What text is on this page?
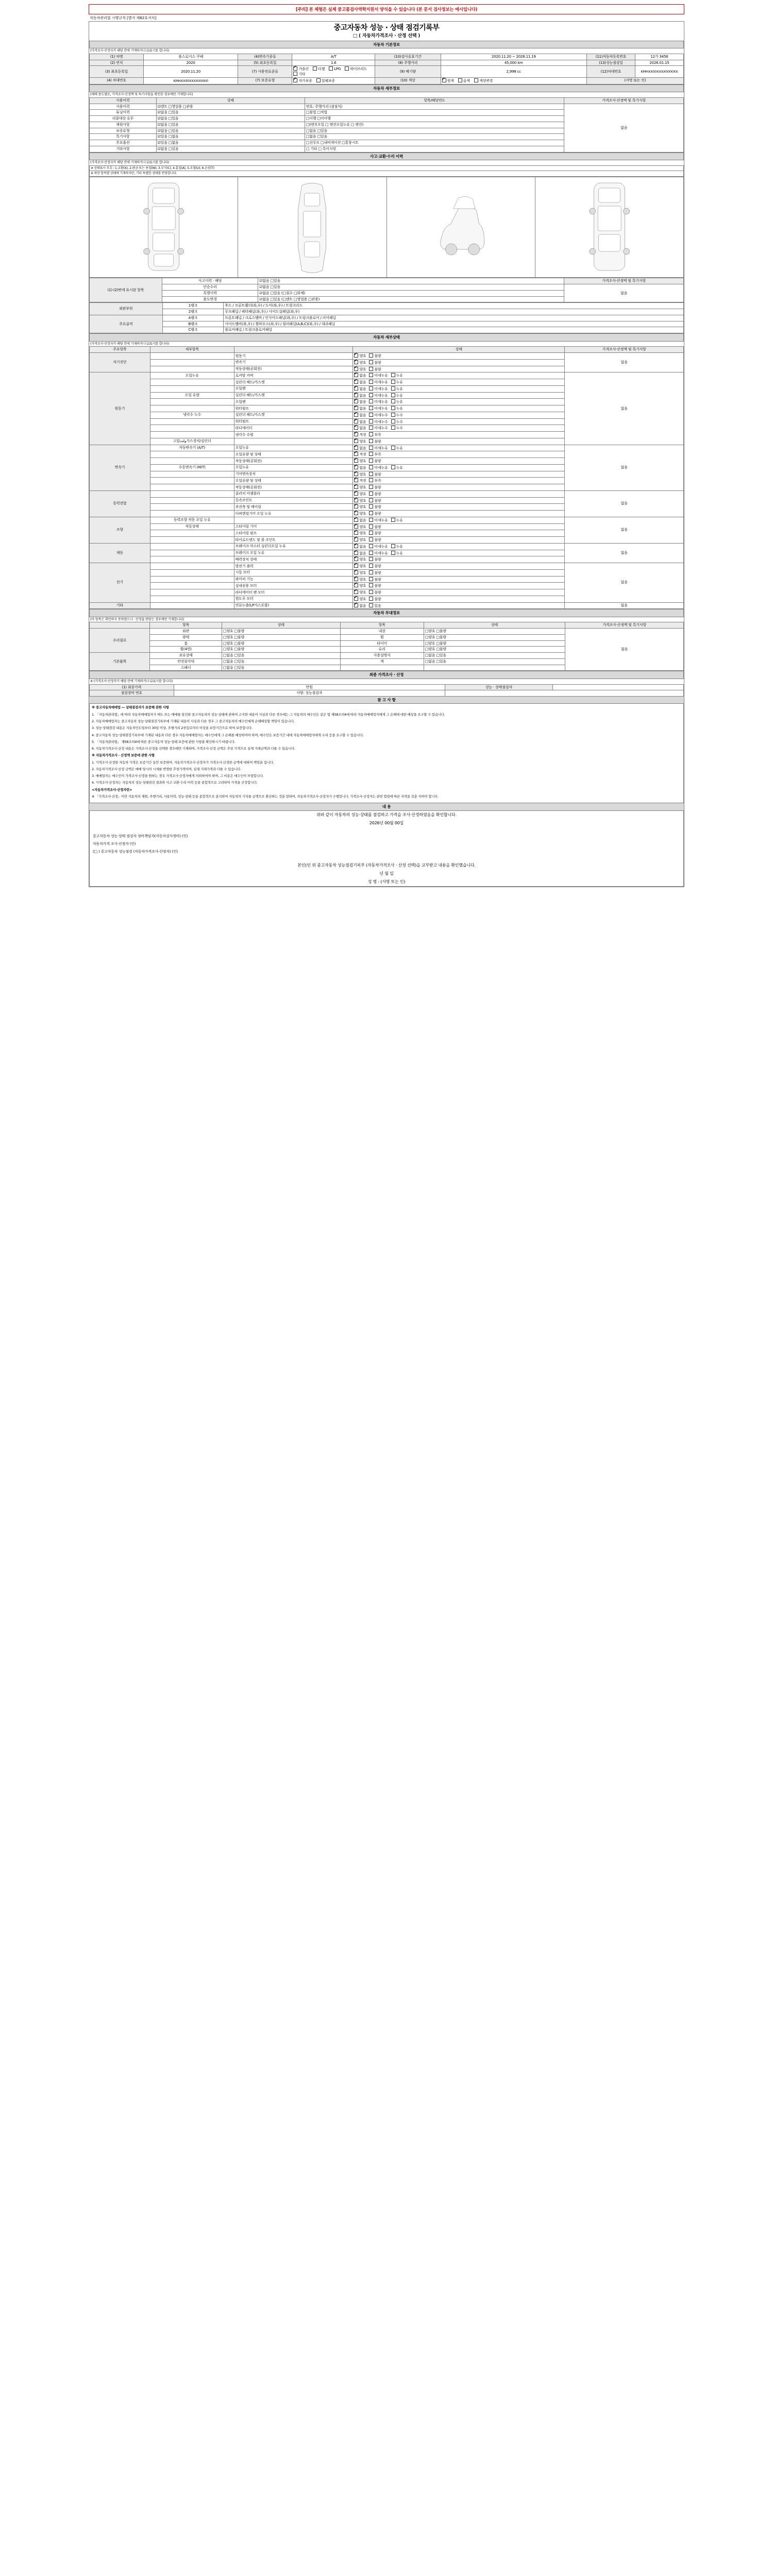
[주의] 본 체험은 실제 중고품검사역학지원서 양식을 수 있습니다 (본 문서 검사정보는 예시입니다)
자동차관리법 시행규칙 [별지 제82호서식]
중고자동차 성능 · 상태 점검기록부
□ ( 자동차가격조사 · 산정 선택 )
자동차 기본정보
(가격조사·산정자가 해당 칸에 기재하거나 ☑표시를 합니다)
(1) 차명	롤스로이스 쿠페	(4)변속기종류	A/T	(10)검사유효기간	2020.11.20 ~ 2026.11.19	(11)자동차등록번호	12가 3456
(2) 연식	2020	(5) 최초등록일	1.6	(8) 주행거리	45,000 km	(13)성능점검일	2026.01.15
(3) 최초등록일	2020.11.20	(7) 사용연료종류	✔가솔린	디젤	LPG	하이브리드 기타	(9) 배기량	2,998 cc	(12)차대번호	KMHXX00XXXX0000XX
(4) 차대번호	KMHXX00XXXX00000	(7) 보증유형	✔자가보증	업체보증	(10) 색상	✔원색	올색	색상변경	(서명 또는 인)
자동차 세부정보
(매매 용도별로, 가격조사·산정액 및 특기사항을 확인한 경우에만 기재합니다)
사용이력	상태	항목/해당연도	가격조사·산정액 및 특기사항
사용이력	☑렌트 □영업용 □관용	번호: 주행거리 (점점식)	없음
튜닝이력	☑없음 □있음	□불법 □적법
리콜대상 유무	☑없음 □있음	□이행 □미이행
제원사항	☑없음 □있음	□(엔진오일 □ 엔진오일누유 □ 엔진)
보증유형	☑없음 □있음	□없음 □있음
특기사항	☑있음 □없음	□없음 □있음
주요옵션	☑있음 □없음	□선루프 □내비게이션 □통풍시트
기타사항	☑없음 □있음	□ 기타 □ 특이사항
사고·교환·수리 이력
(가격조사·산정자가 해당 칸에 기재하거나 ☑표시를 합니다)
※ 상태표시 부호 : 1.교환(X), 2.판금 또는 용접(W), 3.부식(C), 4.흠집(A), 5.요철(U), 6.손상(T)
※ 하단 항목별 상태에 기재하지만, 기타 특별한 상태를 반영합니다.

(1)·(2)번에 표시된 항목	사고이력 · 해당	☑없음 □있음	가격조사·산정액 및 특기사항
단순수리	☑없음 □있음	없음
특별이력	☑없음 □있음 (□침수 □화재)
용도변경	☑없음 □있음 (□렌트 □영업용 □관용)
외판부위	1랭크	후드 / 프론트휀더(좌,우) / 도어(좌,우) / 트렁크리드
2랭크	루프패널 / 쿼터패널(좌,우) / 사이드실패널(좌,우)
주요골격	A랭크	프론트패널 / 크로스멤버 / 인사이드패널(좌,우) / 트렁크플로어 / 리어패널
B랭크	사이드멤버(좌,우) / 휠하우스(좌,우) / 필러패널(A,B,C)(좌,우) / 대쉬패널
C랭크	플로어패널 / 트렁크플로어패널
자동차 세부상태
(가격조사·산정자가 해당 칸에 기재하거나 ☑표시를 합니다)
주요항목	세부항목		상태	가격조사·산정액 및 특기사항
자기진단		원동기	✔양호 불량	없음
	변속기	✔양호 불량
	작동상태(공회전)	✔양호 불량
원동기	오일누유	로커암 커버	✔없음 미세누유 누유	없음
	실린더 헤드/가스켓	✔없음 미세누유 누유
	오일팬	✔없음 미세누유 누유
오일 유량	실린더 헤드/가스켓	✔없음 미세누유 누유
	오일팬	✔없음 미세누유 누유
	워터펌프	✔없음 미세누유 누유
냉각수 누수	실린더 헤드/가스켓	✔없음 미세누수 누수
	워터펌프	✔없음 미세누수 누수
	라디에이터	✔없음 미세누수 누수
	냉각수 수량	✔적정 부족
고압ولت가스장치/실린더		✔양호 불량
변속기	자동변속기 (A/T)	오일누유	✔없음 미세누유 누유	없음
	오일유량 및 상태	✔적정 부족
	작동상태(공회전)	✔양호 불량
수동변속기 (M/T)	오일누유	✔없음 미세누유 누유
	기어변속장치	✔양호 불량
	오일유량 및 상태	✔적정 부족
	작동상태(공회전)	✔양호 불량
동력전달		클러치 어셈블리	✔양호 불량	없음
	등속조인트	✔양호 불량
	추진축 및 베어링	✔양호 불량
	디퍼렌셜기어 오일 누유	✔양호 불량
조향	동력조향 작동 오일 누유		✔없음 미세누유 누유	없음
작동상태	스티어링 기어	✔양호 불량
	스티어링 펌프	✔양호 불량
	타이로드엔드 및 볼 조인트	✔양호 불량
제동		브레이크 마스터 실린더오일 누유	✔없음 미세누유 누유	없음
	브레이크 오일 누유	✔없음 미세누유 누유
	배력장치 상태	✔양호 불량
전기		발전기 출력	✔양호 불량	없음
	시동 모터	✔양호 불량
	와이퍼 기능	✔양호 불량
	실내송풍 모터	✔양호 불량
	라디에이터 팬 모터	✔양호 불량
	윈도우 모터	✔양호 불량
기타		연료누출(LP가스포함)	✔없음 있음	없음
자동차 부대정보
(아 항목은 확인하지 못하였으나 · 산정을 받았는 경우에만 기재합니다)
	항목	상태	항목	상태	가격조사·산정액 및 특기사항
수리필요	외관	□양호 □불량	내장	□양호 □불량	없음
광택	□양호 □불량	휠	□양호 □불량
룸	□양호 □불량	타이어	□양호 □불량
휠(4면)	□양호 □불량	유리	□양호 □불량
기본품목	보유상태	□없음 □있음	사용설명서	□없음 □있음
안전삼각대	□없음 □있음	잭	□없음 □있음
스패너	□없음 □있음		
최종 가격조사 · 산정
※ (가격조사·산정자가 해당 칸에 기재하거나 ☑표시를 합니다)
(1) 최종가격	만원	성능 · 상태점검자	
점검장비 번호	사양: 성능점검자	
참 고 사 항

※ 중고자동차매매업 ― 상태점검자가 보증해 관한 사항

1. 「자동차관리법」에 따라 자동차매매업자가 매도 또는 매매를 알선한 중고자동차의 성능·상태에 관하여 고지한 내용이 사실과 다른 경우에는 그 자동차의 매수인은 같은 법 제58조의4에 따라 자동차매매업자에게 그 손해에 대한 배상을 요구할 수 있습니다.

2. 자동차매매업자는 중고자동차 성능·상태점검기록부에 기재된 내용이 사실과 다른 경우 그 중고자동차의 매수인에게 손해배상할 책임이 있습니다.

3. 성능·상태점검 내용은 자동차인도일부터 30일 이상, 주행거리 2천킬로미터 이상을 보장기간으로 하여 보증합니다.

4. 중고자동차 성능·상태점검기록부에 기재된 내용과 다른 경우 자동차매매업자는 매수인에게 그 손해를 배상하여야 하며, 매수인은 보증기간 내에 자동차매매업자에게 수리 등을 요구할 수 있습니다.

5. 「자동차관리법」 제58조의4에 따른 중고자동차 성능·상태 보증에 관한 사항을 확인하시기 바랍니다.

6. 자동차가격조사·산정 내용은 가격조사·산정을 선택한 경우에만 기재하며, 가격조사·산정 금액은 추천 가격으로 실제 거래금액과 다를 수 있습니다.

※ 자동차가격조사 · 산정액 보증에 관한 사항

1. 가격조사·산정한 자동차 가격은 보증기간 동안 보증하며, 자동차가격조사·산정자가 가격조사·산정한 금액에 대하여 책임을 집니다.

2. 자동차가격조사·산정 금액은 매매 당시의 시세를 반영한 추천가격이며, 실제 거래가격과 다를 수 있습니다.

3. 매매업자는 매수인이 가격조사·산정을 원하는 경우 가격조사·산정자에게 의뢰하여야 하며, 그 비용은 매수인이 부담합니다.

4. 가격조사·산정자는 자동차의 성능·상태점검 결과와 사고·교환·수리 이력 등을 종합적으로 고려하여 가격을 산정합니다.

<자동차가격조사·산정자란>

※ 「가격조사·산정」이란 자동차의 제원, 주행거리, 사용이력, 성능·상태 등을 종합적으로 분석하여 자동차의 가치를 금액으로 환산하는 것을 말하며, 자동차가격조사·산정자가 수행합니다. 가격조사·산정자는 관련 법령에 따른 자격을 갖춘 자여야 합니다.

내 용
위와 같이 자동차의 성능·상태를 점검하고 가격을 조사·산정하였음을 확인합니다.
2026년 00월 00일
중고자동차 성능·상태 점검자 정비책임자(자동차검사정비) (인)
자동차가격 조사·산정자 (인)
(□ ) 중고자동차 성능점검 (자동차가격조사·산정자) (인)
본인(인 위 중고자동차 성능점검기록부 (자동차가격조사 · 산정 선택)을 교부받고 내용을 확인했습니다.
년 월 일
성 명 : (서명 또는 인)
